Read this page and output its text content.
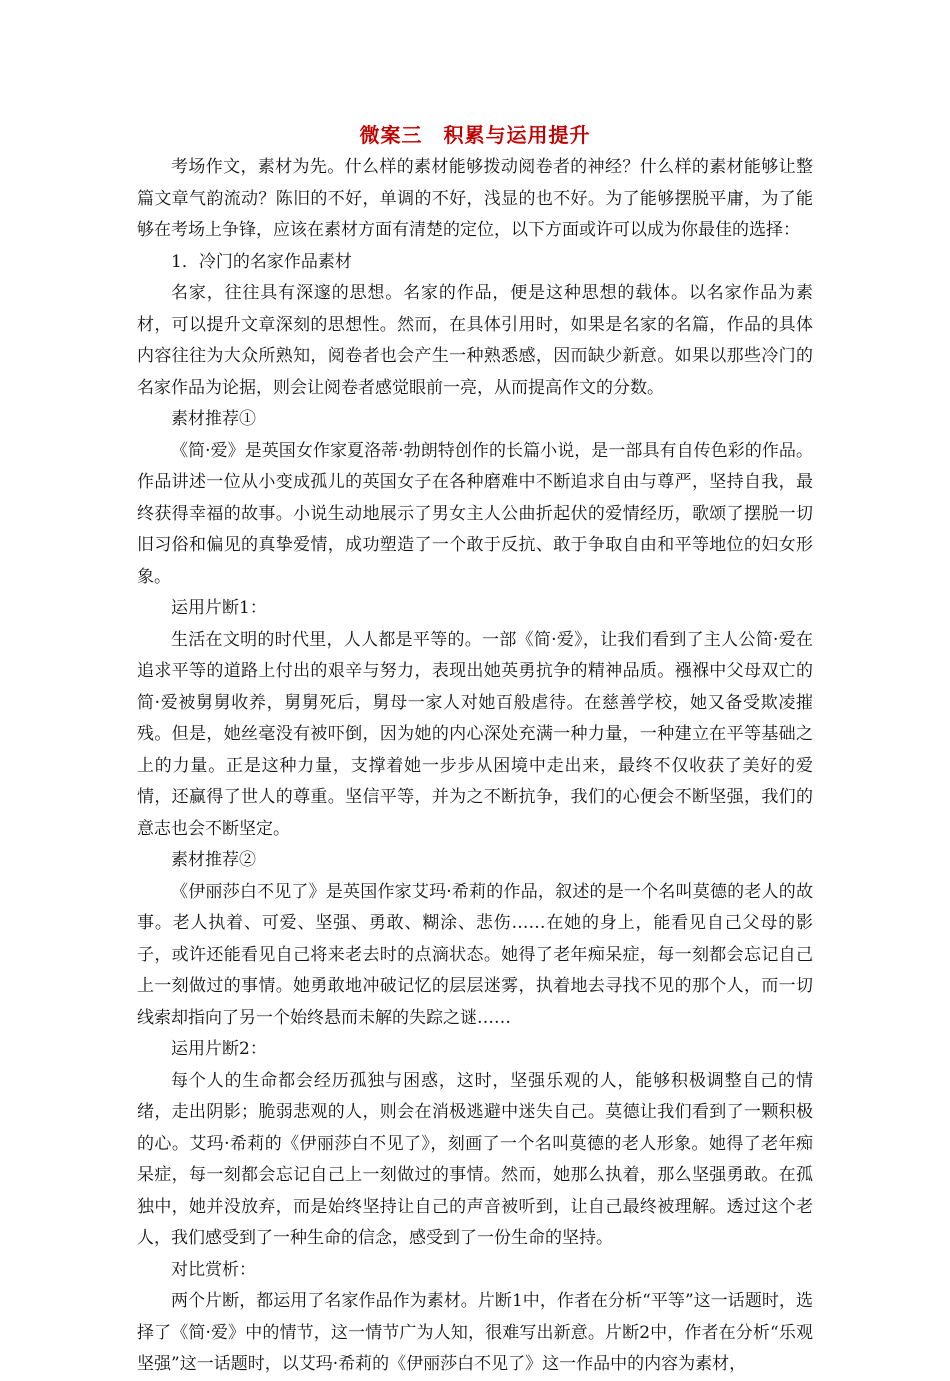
微案三　积累与运用提升

考场作文，素材为先。什么样的素材能够拨动阅卷者的神经？什么样的素材能够让整篇文章气韵流动？陈旧的不好，单调的不好，浅显的也不好。为了能够摆脱平庸，为了能够在考场上争锋，应该在素材方面有清楚的定位，以下方面或许可以成为你最佳的选择：

1．冷门的名家作品素材

名家，往往具有深邃的思想。名家的作品，便是这种思想的载体。以名家作品为素材，可以提升文章深刻的思想性。然而，在具体引用时，如果是名家的名篇，作品的具体内容往往为大众所熟知，阅卷者也会产生一种熟悉感，因而缺少新意。如果以那些冷门的名家作品为论据，则会让阅卷者感觉眼前一亮，从而提高作文的分数。

素材推荐①

《简·爱》是英国女作家夏洛蒂·勃朗特创作的长篇小说，是一部具有自传色彩的作品。作品讲述一位从小变成孤儿的英国女子在各种磨难中不断追求自由与尊严，坚持自我，最终获得幸福的故事。小说生动地展示了男女主人公曲折起伏的爱情经历，歌颂了摆脱一切旧习俗和偏见的真挚爱情，成功塑造了一个敢于反抗、敢于争取自由和平等地位的妇女形象。

运用片断1：

生活在文明的时代里，人人都是平等的。一部《简·爱》，让我们看到了主人公简·爱在追求平等的道路上付出的艰辛与努力，表现出她英勇抗争的精神品质。襁褓中父母双亡的简·爱被舅舅收养，舅舅死后，舅母一家人对她百般虐待。在慈善学校，她又备受欺凌摧残。但是，她丝毫没有被吓倒，因为她的内心深处充满一种力量，一种建立在平等基础之上的力量。正是这种力量，支撑着她一步步从困境中走出来，最终不仅收获了美好的爱情，还赢得了世人的尊重。坚信平等，并为之不断抗争，我们的心便会不断坚强，我们的意志也会不断坚定。

素材推荐②

《伊丽莎白不见了》是英国作家艾玛·希莉的作品，叙述的是一个名叫莫德的老人的故事。老人执着、可爱、坚强、勇敢、糊涂、悲伤……在她的身上，能看见自己父母的影子，或许还能看见自己将来老去时的点滴状态。她得了老年痴呆症，每一刻都会忘记自己上一刻做过的事情。她勇敢地冲破记忆的层层迷雾，执着地去寻找不见的那个人，而一切线索却指向了另一个始终悬而未解的失踪之谜……

运用片断2：

每个人的生命都会经历孤独与困惑，这时，坚强乐观的人，能够积极调整自己的情绪，走出阴影；脆弱悲观的人，则会在消极逃避中迷失自己。莫德让我们看到了一颗积极的心。艾玛·希莉的《伊丽莎白不见了》，刻画了一个名叫莫德的老人形象。她得了老年痴呆症，每一刻都会忘记自己上一刻做过的事情。然而，她那么执着，那么坚强勇敢。在孤独中，她并没放弃，而是始终坚持让自己的声音被听到，让自己最终被理解。透过这个老人，我们感受到了一种生命的信念，感受到了一份生命的坚持。

对比赏析：

两个片断，都运用了名家作品作为素材。片断1中，作者在分析“平等”这一话题时，选择了《简·爱》中的情节，这一情节广为人知，很难写出新意。片断2中，作者在分析“乐观坚强”这一话题时，以艾玛·希莉的《伊丽莎白不见了》这一作品中的内容为素材，
